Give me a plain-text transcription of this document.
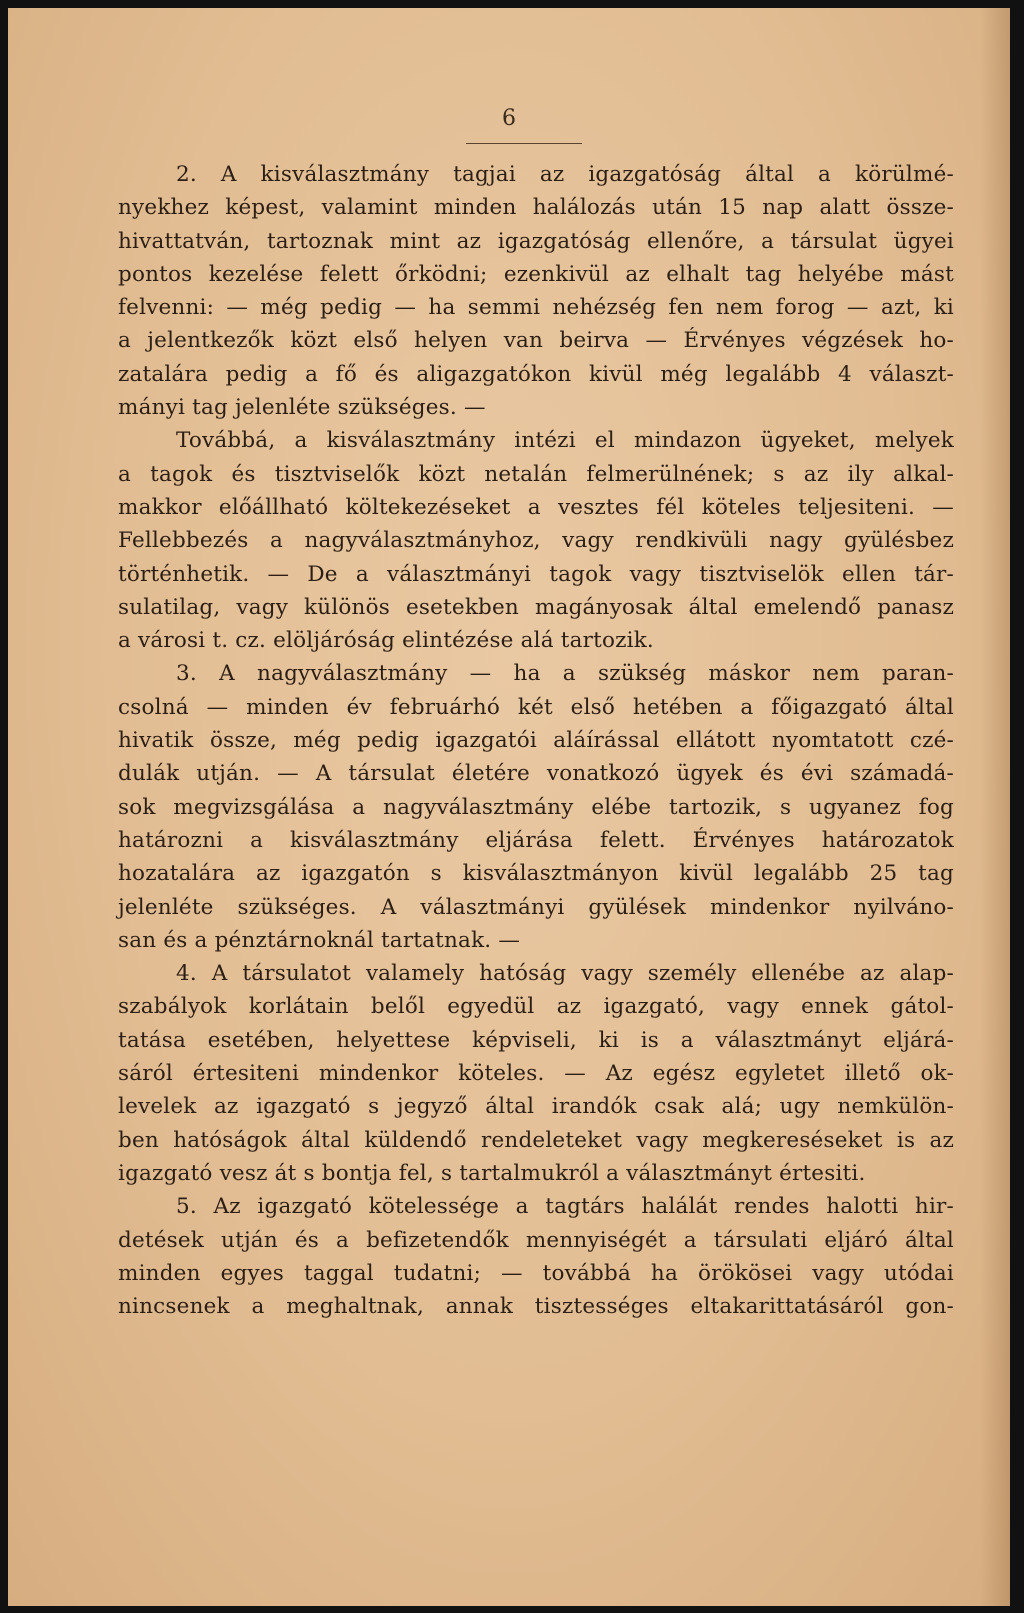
6
2. A kisválasztmány tagjai az igazgatóság által a körülmé-
nyekhez képest, valamint minden halálozás után 15 nap alatt össze-
hivattatván, tartoznak mint az igazgatóság ellenőre, a társulat ügyei
pontos kezelése felett őrködni; ezenkivül az elhalt tag helyébe mást
felvenni: — még pedig — ha semmi nehézség fen nem forog — azt, ki
a jelentkezők közt első helyen van beirva — Érvényes végzések ho-
zatalára pedig a fő és aligazgatókon kivül még legalább 4 választ-
mányi tag jelenléte szükséges. —
Továbbá, a kisválasztmány intézi el mindazon ügyeket, melyek
a tagok és tisztviselők közt netalán felmerülnének; s az ily alkal-
makkor előállható költekezéseket a vesztes fél köteles teljesiteni. —
Fellebbezés a nagyválasztmányhoz, vagy rendkivüli nagy gyülésbez
történhetik. — De a választmányi tagok vagy tisztviselök ellen tár-
sulatilag, vagy különös esetekben magányosak által emelendő panasz
a városi t. cz. elöljáróság elintézése alá tartozik.
3. A nagyválasztmány — ha a szükség máskor nem paran-
csolná — minden év februárhó két első hetében a főigazgató által
hivatik össze, még pedig igazgatói aláírással ellátott nyomtatott czé-
dulák utján. — A társulat életére vonatkozó ügyek és évi számadá-
sok megvizsgálása a nagyválasztmány elébe tartozik, s ugyanez fog
határozni a kisválasztmány eljárása felett. Érvényes határozatok
hozatalára az igazgatón s kisválasztmányon kivül legalább 25 tag
jelenléte szükséges. A választmányi gyülések mindenkor nyilváno-
san és a pénztárnoknál tartatnak. —
4. A társulatot valamely hatóság vagy személy ellenébe az alap-
szabályok korlátain belől egyedül az igazgató, vagy ennek gátol-
tatása esetében, helyettese képviseli, ki is a választmányt eljárá-
sáról értesiteni mindenkor köteles. — Az egész egyletet illető ok-
levelek az igazgató s jegyző által irandók csak alá; ugy nemkülön-
ben hatóságok által küldendő rendeleteket vagy megkereséseket is az
igazgató vesz át s bontja fel, s tartalmukról a választmányt értesiti.
5. Az igazgató kötelessége a tagtárs halálát rendes halotti hir-
detések utján és a befizetendők mennyiségét a társulati eljáró által
minden egyes taggal tudatni; — továbbá ha örökösei vagy utódai
nincsenek a meghaltnak, annak tisztességes eltakarittatásáról gon-
